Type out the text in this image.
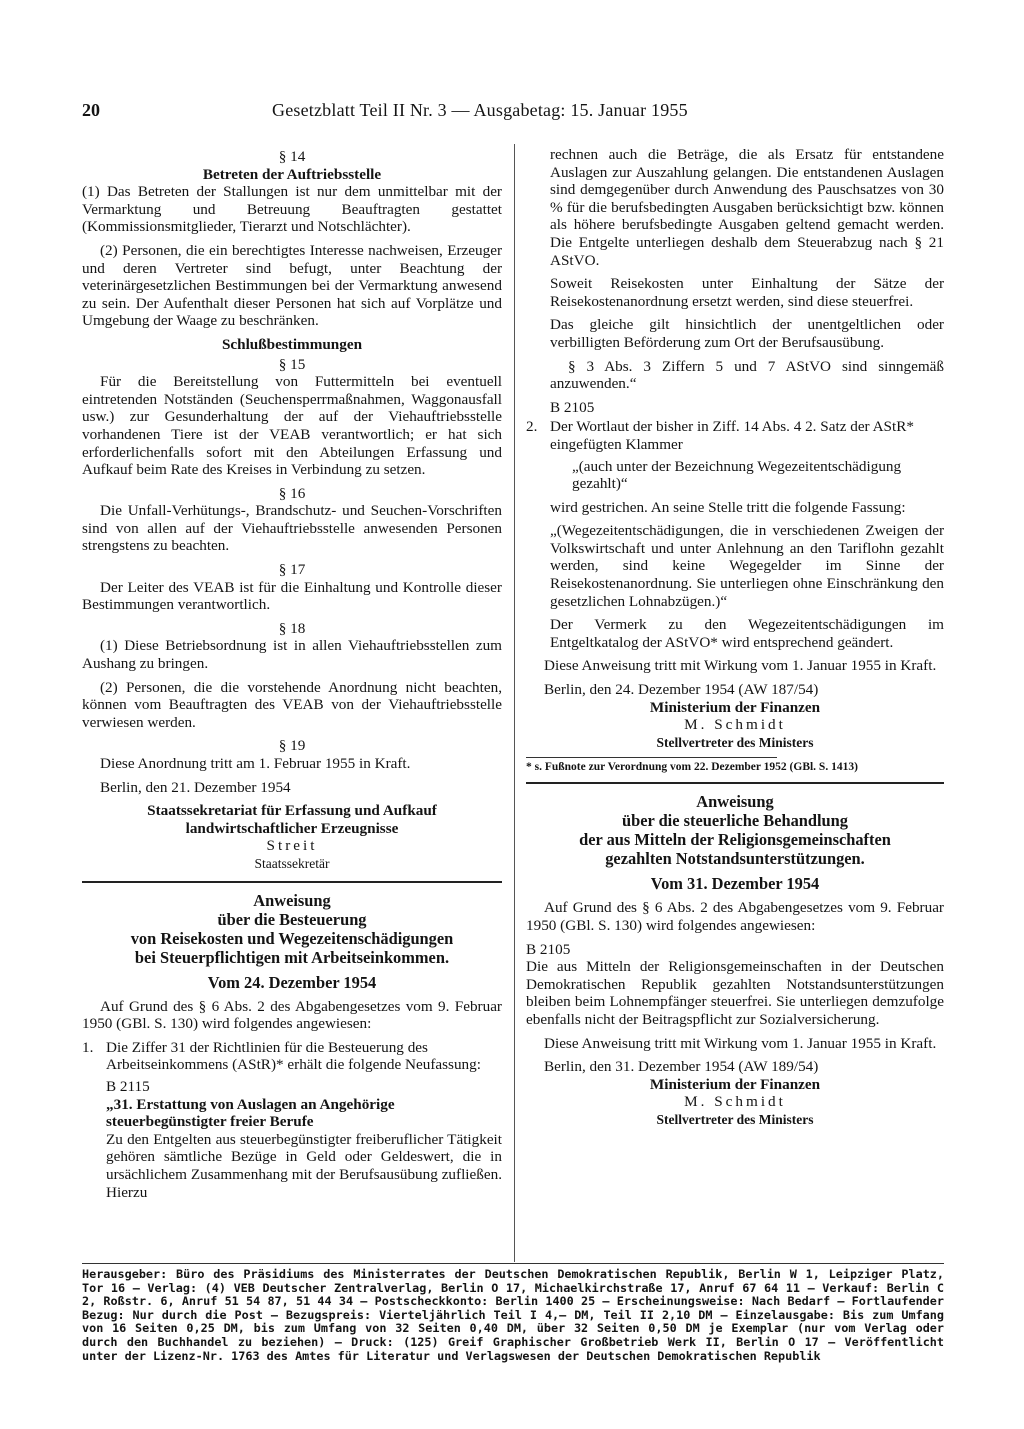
20	Gesetzblatt Teil II Nr. 3 — Ausgabetag: 15. Januar 1955

§ 14

Betreten der Auftriebsstelle

(1) Das Betreten der Stallungen ist nur dem unmittelbar mit der Vermarktung und Betreuung Beauftragten gestattet (Kommissionsmitglieder, Tierarzt und Notschlächter).

(2) Personen, die ein berechtigtes Interesse nachweisen, Erzeuger und deren Vertreter sind befugt, unter Beachtung der veterinärgesetzlichen Bestimmungen bei der Vermarktung anwesend zu sein. Der Aufenthalt dieser Personen hat sich auf Vorplätze und Umgebung der Waage zu beschränken.

Schlußbestimmungen

§ 15

Für die Bereitstellung von Futtermitteln bei eventuell eintretenden Notständen (Seuchensperrmaßnahmen, Waggonausfall usw.) zur Gesunderhaltung der auf der Viehauftriebsstelle vorhandenen Tiere ist der VEAB verantwortlich; er hat sich erforderlichenfalls sofort mit den Abteilungen Erfassung und Aufkauf beim Rate des Kreises in Verbindung zu setzen.

§ 16

Die Unfall-Verhütungs-, Brandschutz- und Seuchen-Vorschriften sind von allen auf der Viehauftriebsstelle anwesenden Personen strengstens zu beachten.

§ 17

Der Leiter des VEAB ist für die Einhaltung und Kontrolle dieser Bestimmungen verantwortlich.

§ 18

(1) Diese Betriebsordnung ist in allen Viehauftriebsstellen zum Aushang zu bringen.

(2) Personen, die die vorstehende Anordnung nicht beachten, können vom Beauftragten des VEAB von der Viehauftriebsstelle verwiesen werden.

§ 19

Diese Anordnung tritt am 1. Februar 1955 in Kraft.

Berlin, den 21. Dezember 1954

Staatssekretariat für Erfassung und Aufkauf

landwirtschaftlicher Erzeugnisse

Streit

Staatssekretär

Anweisung

über die Besteuerung

von Reisekosten und Wegezeitenschädigungen

bei Steuerpflichtigen mit Arbeitseinkommen.

Vom 24. Dezember 1954

Auf Grund des § 6 Abs. 2 des Abgabengesetzes vom 9. Februar 1950 (GBl. S. 130) wird folgendes angewiesen:

1. Die Ziffer 31 der Richtlinien für die Besteuerung des Arbeitseinkommens (AStR)* erhält die folgende Neufassung:

B 2115

„31. Erstattung von Auslagen an Angehörige steuerbegünstigter freier Berufe

Zu den Entgelten aus steuerbegünstigter freiberuflicher Tätigkeit gehören sämtliche Bezüge in Geld oder Geldeswert, die in ursächlichem Zusammenhang mit der Berufsausübung zufließen. Hierzu

rechnen auch die Beträge, die als Ersatz für entstandene Auslagen zur Auszahlung gelangen. Die entstandenen Auslagen sind demgegenüber durch Anwendung des Pauschsatzes von 30 % für die berufsbedingten Ausgaben berücksichtigt bzw. können als höhere berufsbedingte Ausgaben geltend gemacht werden. Die Entgelte unterliegen deshalb dem Steuerabzug nach § 21 AStVO.

Soweit Reisekosten unter Einhaltung der Sätze der Reisekostenanordnung ersetzt werden, sind diese steuerfrei.

Das gleiche gilt hinsichtlich der unentgeltlichen oder verbilligten Beförderung zum Ort der Berufsausübung.

§ 3 Abs. 3 Ziffern 5 und 7 AStVO sind sinngemäß anzuwenden.“

B 2105

2. Der Wortlaut der bisher in Ziff. 14 Abs. 4 2. Satz der AStR* eingefügten Klammer

„(auch unter der Bezeichnung Wegezeitentschädigung gezahlt)“

wird gestrichen. An seine Stelle tritt die folgende Fassung:

„(Wegezeitentschädigungen, die in verschiedenen Zweigen der Volkswirtschaft und unter Anlehnung an den Tariflohn gezahlt werden, sind keine Wegegelder im Sinne der Reisekostenanordnung. Sie unterliegen ohne Einschränkung den gesetzlichen Lohnabzügen.)“

Der Vermerk zu den Wegezeitentschädigungen im Entgeltkatalog der AStVO* wird entsprechend geändert.

Diese Anweisung tritt mit Wirkung vom 1. Januar 1955 in Kraft.

Berlin, den 24. Dezember 1954 (AW 187/54)

Ministerium der Finanzen

M. Schmidt

Stellvertreter des Ministers

* s. Fußnote zur Verordnung vom 22. Dezember 1952 (GBl. S. 1413)

Anweisung

über die steuerliche Behandlung

der aus Mitteln der Religionsgemeinschaften

gezahlten Notstandsunterstützungen.

Vom 31. Dezember 1954

Auf Grund des § 6 Abs. 2 des Abgabengesetzes vom 9. Februar 1950 (GBl. S. 130) wird folgendes angewiesen:

B 2105

Die aus Mitteln der Religionsgemeinschaften in der Deutschen Demokratischen Republik gezahlten Notstandsunterstützungen bleiben beim Lohnempfänger steuerfrei. Sie unterliegen demzufolge ebenfalls nicht der Beitragspflicht zur Sozialversicherung.

Diese Anweisung tritt mit Wirkung vom 1. Januar 1955 in Kraft.

Berlin, den 31. Dezember 1954 (AW 189/54)

Ministerium der Finanzen

M. Schmidt

Stellvertreter des Ministers

Herausgeber: Büro des Präsidiums des Ministerrates der Deutschen Demokratischen Republik, Berlin W 1, Leipziger Platz, Tor 16 — Verlag: (4) VEB Deutscher Zentralverlag, Berlin O 17, Michaelkirchstraße 17, Anruf 67 64 11 — Verkauf: Berlin C 2, Roßstr. 6, Anruf 51 54 87, 51 44 34 — Postscheckkonto: Berlin 1400 25 — Erscheinungsweise: Nach Bedarf — Fortlaufender Bezug: Nur durch die Post — Bezugspreis: Vierteljährlich Teil I 4,— DM, Teil II 2,10 DM — Einzelausgabe: Bis zum Umfang von 16 Seiten 0,25 DM, bis zum Umfang von 32 Seiten 0,40 DM, über 32 Seiten 0,50 DM je Exemplar (nur vom Verlag oder durch den Buchhandel zu beziehen) — Druck: (125) Greif Graphischer Großbetrieb Werk II, Berlin O 17 — Veröffentlicht unter der Lizenz-Nr. 1763 des Amtes für Literatur und Verlagswesen der Deutschen Demokratischen Republik
